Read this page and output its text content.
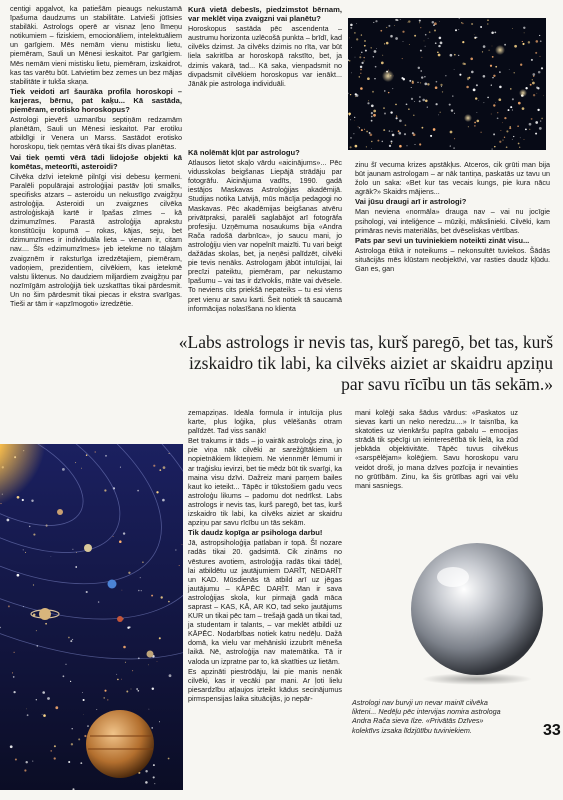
centigi apgalvot, ka patiešām pieaugs nekustamā īpašuma daudzums un stabilitāte. Latvieši jūtīsies stabilāki. Astrologs operē ar visnaz ļeno līmeņu notikumiem – fiziskiem, emocionāliem, intelektuāliem un garīgiem. Mēs nemām vienu mistisku lietu, piemēram, Sauli un Mēnesi ieskaitot. Par garīgiem. Mēs nemām vieni mistisku lietu, piemēram, izskaidrot, kas tas varētu būt. Latvietim bez zemes un bez mājas stabilitāte ir tukša skaņa.

Tiek veidoti arī šauräka profila horoskopi – karjeras, bērnu, pat kaķu... Kā sastāda, piemēram, erotisko horoskopus?

Astrologi pievērš uzmanību septiņām redzamām planētām, Sauli un Mēnesi ieskaitot. Par erotiku atbildīgi ir Venera un Marss. Sastādot erotisko horoskopu, tiek ņemtas vērā tikai šīs divas planētas.

Vai tiek ņemti vērā tādi lidojoše objekti kā komētas, meteorīti, asteroidi?

Cilvēka dzīvi ietekmē pilnīgi visi debesu ķermeni. Paralēli populārajai astroloģijai pastāv ļoti smalks, specifisks atzars – asteroidu un nekustīgo zvaigžņu astroloģija. Asteroidi un zvaigznes cilvēka astroloģiskajā kartē ir īpašas zīmes – kā dzimumzīmes. Parastā astroloģija aprakstu konstitūciju kopumā – rokas, kājas, seju, bet dzimumzīmes ir individuāla lieta – vienam ir, citam nav.... Šīs «dzimumzīmes» jeb ietekme no tālajām zvaigznēm ir raksturīga izredzētajiem, piemēram, vadoņiem, prezidentiem, cilvēkiem, kas ietekmē valstu liktenus. No daudziem miljardiem zvaigžņu par nozīmīgām astroloģijā tiek uzskatītas tikai pārdesmit. Un no šim pārdesmit tikai piecas ir ekstra svarīgas. Tieši ar tām ir «apzīmogoti» izredzētie.

Kurā vietā debesīs, piedzimstot bērnam, var meklēt viņa zvaigzni vai planētu?

Horoskopus sastāda pēc ascendenta – austrumu horizonta uzlēcošā punkta – brīdī, kad cilvēks dzimst. Ja cilvēks dzimis no rīta, var būt liela sakritība ar horoskopā rakstīto, bet, ja dzimis vakarā, tad... Kā saka, vienpadsmit no divpadsmit cilvēkiem horoskopus var ienākt... Jānāk pie astrologa individuāli.

Kā nolēmāt kļūt par astrologu?

Atlausos lietot skaļo vārdu «aicinājums»... Pēc vidusskolas beigšanas Liepājā strādāju par fotogrāfu. Aicinājuma vadīts, 1990. gadā iestājos Maskavas Astroloģijas akadēmijā. Studijas notika Latvijā, mūs mācīja pedagogi no Maskavas. Pēc akadēmijas beigšanas atvēru privātpraksi, paralēli saglabājot arī fotogrāfa profesiju. Uzņēmuma nosaukums bija «Andra Rača radošā darbnīca», jo saucu mani, jo astroloģiju vien var nopelnīt maizīti. Tu vari beigt dažādas skolas, bet, ja neņēsi palīdzēt, cilvēki pie tevis nenāks. Astrologam jābūt intuīcijai, lai precīzi pateiktu, piemēram, par nekustamo īpašumu – vai tas ir dzīvoklis, māte vai dvēsele. To neviens cits priekšā nepateiks – tu esi viens pret vienu ar savu karti. Šeit notiek tā saucamā informācijas nolasīšana no klienta

zinu šī vecuma krizes apstākļus. Atceros, cik grūti man bija būt jaunam astrologam – ar nāk tantiņa, paskatās uz tavu un žolo un saka: «Bet kur tas vecais kungs, pie kura nācu agrāk?» Skaidrs mājiens...

Vai jūsu draugi arī ir astrologi?

Man neviena «normāla» drauga nav – vai nu jocīgie psihologi, vai inteliģence – mūziķi, mākslinieki. Cilvēki, kam primāras nevis materiālās, bet dvēseliskas vērtības.

Pats par sevi un tuviniekiem noteikti zināt visu...

Astrologa ētikā ir noteikums – nekonsultēt tuviekos. Šādās situācijās mēs klūstam neobjektīvi, var rasties daudz kļūdu. Gan es, gan

«Labs astrologs ir nevis tas, kurš paregō, bet tas, kurš izskaidro tik labi, ka cilvēks aiziet ar skaidru apziņu par savu rīcību un tās sekām.»

zemapziņas. Ideāla formula ir intuīcija plus karte, plus loģika, plus vēlēšanās otram palīdzēt. Tad viss sanāk!

Bet trakums ir tāds – jo vairāk astroloģs zina, jo pie viņa nāk cilvēki ar sarežģītākiem un nopietnākiem likteņiem. Ne viennmēr lēmumi ir ar traģisku ievirzi, bet tie mēdz būt tik svarīgi, ka maina visu dzīvi. Dažreiz mani parņem bailes kaut ko ieteikt... Tāpēc ir tūkstošiem gadu vecs astroloģu likums – padomu dot nedrīkst. Labs astrologs ir nevis tas, kurš paregō, bet tas, kurš izskaidro tik labi, ka cilvēks aiziet ar skaidru apziņu par savu rīcību un tās sekām.

Tik daudz kopīga ar psihologa darbu!

Jā, astropsiholoģija patlaban ir topā. Šī nozare radās tikai 20. gadsimtā. Cik zināms no vēstures avotiem, astroloģija radās tikai tādēļ, lai atbildētu uz jautājumiem DARĪT, NEDARĪT un KAD. Mūsdienās tā atbild arī uz jēgas jautājumu – KĀPĒC DARĪT. Man ir sava astroloģijas skola, kur pirmajā gadā māca saprast – KAS, KĀ, AR KO, tad seko jautājums KUR un tikai pēc tam – trešajā gadā un tikai tad, ja studentam ir talants, – var meklēt atbildi uz KĀPĒC. Nodarbības notiek katru nedēļu. Dažā domā, ka vielu var mehāniski izzubrīt mēneša laikā. Nē, astroloģija nav matemātika. Tā ir valoda un izpratne par to, kā skatīties uz lietām.

Es apzināti pieströdāju, lai pie manis nenāk cilvēki, kas ir vecāki par mani. Ar ļoti lielu piesardzību atļaujos izteikt kādus secinājumus pirmspensijas laika situācijās, jo nepār-

mani kolēģi saka šādus vārdus: «Paskatos uz sievas karti un neko neredzu....» Ir taisnība, ka skatoties uz vienkāršu papīra gabalu – emocijas strādā tik spēcīgi un ieinteresētībā tik lielā, ka zūd jebkāda objektivitāte. Tāpēc tuvus cilvēkus «sarspēlējam» kolēģiem. Savu horoskopu varu veidot droši, jo mana dzīves pozīcija ir nevainties no grūtībām. Zinu, ka šis grūtības agri vai vēlu mani sasniegs.

Astrologi nav burvji un nevar mainīt cilvēka likteni... Nedēļu pēc intervijas nomira astrologa Andra Rača sieva Ilze. «Privātās Dzīves» kolektīvs izsaka līdzjūtību tuviniekiem.	33
